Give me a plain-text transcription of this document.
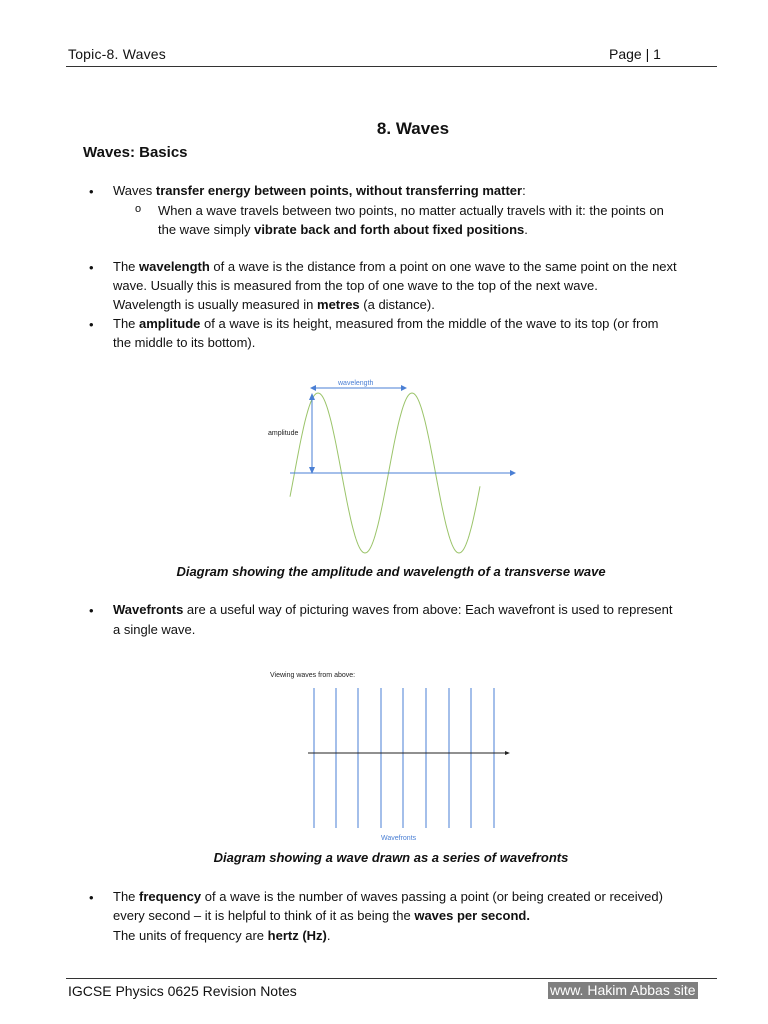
Topic-8. Waves	Page | 1
8. Waves
Waves: Basics
• Waves transfer energy between points, without transferring matter:
o When a wave travels between two points, no matter actually travels with it: the points on
the wave simply vibrate back and forth about fixed positions.
• The wavelength of a wave is the distance from a point on one wave to the same point on the next
wave. Usually this is measured from the top of one wave to the top of the next wave.
Wavelength is usually measured in metres (a distance).
• The amplitude of a wave is its height, measured from the middle of the wave to its top (or from
the middle to its bottom).
wavelength
amplitude
Viewing waves from above:
Wavefronts
Diagram showing the amplitude and wavelength of a transverse wave
• Wavefronts are a useful way of picturing waves from above: Each wavefront is used to represent
a single wave.
Diagram showing a wave drawn as a series of wavefronts
• The frequency of a wave is the number of waves passing a point (or being created or received)
every second – it is helpful to think of it as being the waves per second.
The units of frequency are hertz (Hz).
IGCSE Physics 0625 Revision Notes	www. Hakim Abbas site
